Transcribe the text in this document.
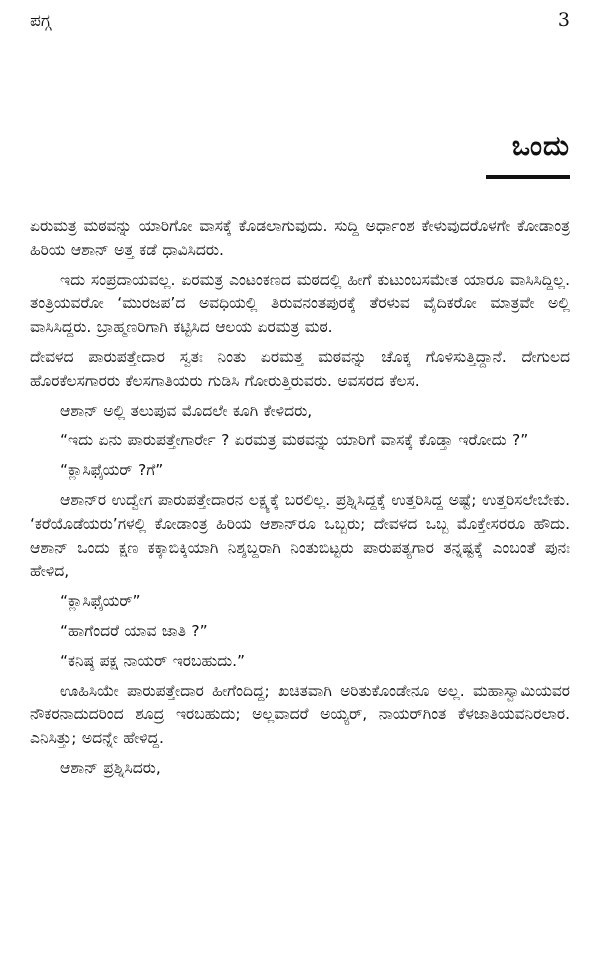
ಪಗ್ಗ	3
ಒಂದು

ಏರುಮತ್ರ ಮಠವನ್ನು ಯಾರಿಗೋ ವಾಸಕ್ಕೆ ಕೊಡಲಾಗುವುದು. ಸುದ್ದಿ ಅರ್ಧಾಂಶ ಕೇಳುವುದರೊಳಗೇ ಕೋಡಾಂತ್ರ ಹಿರಿಯ ಆಶಾನ್ ಅತ್ತ ಕಡೆ ಧಾವಿಸಿದರು.

ಇದು ಸಂಪ್ರದಾಯವಲ್ಲ. ಏರಮತ್ರ ಎಂಟಂಕಣದ ಮಠದಲ್ಲಿ ಹೀಗೆ ಕುಟುಂಬಸಮೇತ ಯಾರೂ ವಾಸಿಸಿದ್ದಿಲ್ಲ. ತಂತ್ರಿಯವರೋ ‘ಮುರಜಪ’ದ ಅವಧಿಯಲ್ಲಿ ತಿರುವನಂತಪುರಕ್ಕೆ ತೆರಳುವ ವೈದಿಕರೋ ಮಾತ್ರವೇ ಅಲ್ಲಿ ವಾಸಿಸಿದ್ದರು. ಬ್ರಾಹ್ಮಣರಿಗಾಗಿ ಕಟ್ಟಿಸಿದ ಆಲಯ ಏರಮತ್ರ ಮಠ.

ದೇವಳದ ಪಾರುಪತ್ತೇದಾರ ಸ್ವತಃ ನಿಂತು ಏರಮತ್ತ ಮಠವನ್ನು ಚೊಕ್ಕ ಗೊಳಿಸುತ್ತಿದ್ದಾನೆ. ದೇಗುಲದ ಹೊರಕೆಲಸಗಾರರು ಕೆಲಸಗಾತಿಯರು ಗುಡಿಸಿ ಗೋರುತ್ತಿರುವರು. ಅವಸರದ ಕೆಲಸ.

ಆಶಾನ್ ಅಲ್ಲಿ ತಲುಪುವ ಮೊದಲೇ ಕೂಗಿ ಕೇಳಿದರು,

“ಇದು ಏನು ಪಾರುಪತ್ತೇಗಾರ್ರೇ ? ಏರಮತ್ರ ಮಠವನ್ನು ಯಾರಿಗೆ ವಾಸಕ್ಕೆ ಕೊಡ್ತಾ ಇರೋದು ?”

“ಕ್ಲಾಸಿಫೈಯರ್ ?ಗೆ”

ಆಶಾನ್‌ರ ಉದ್ವೇಗ ಪಾರುಪತ್ತೇದಾರನ ಲಕ್ಷ್ಯಕ್ಕೆ ಬರಲಿಲ್ಲ. ಪ್ರಶ್ನಿಸಿದ್ದಕ್ಕೆ ಉತ್ತರಿಸಿದ್ದ ಅಷ್ಟೆ; ಉತ್ತರಿಸಲೇಬೇಕು. ‘ಕರೆಯೊಡೆಯರು’ಗಳಲ್ಲಿ ಕೋಡಾಂತ್ರ ಹಿರಿಯ ಆಶಾನ್‌ರೂ ಒಬ್ಬರು; ದೇವಳದ ಒಬ್ಬ ಮೊಕ್ತೇಸರರೂ ಹೌದು. ಆಶಾನ್ ಒಂದು ಕ್ಷಣ ಕಕ್ಕಾಬಿಕ್ಕಿಯಾಗಿ ನಿಶ್ಶಬ್ದರಾಗಿ ನಿಂತುಬಿಟ್ಟರು ಪಾರುಪತ್ಯಗಾರ ತನ್ನಷ್ಟಕ್ಕೆ ಎಂಬಂತೆ ಪುನಃ ಹೇಳಿದ,

“ಕ್ಲಾಸಿಫೈಯರ್”

“ಹಾಗೆಂದರೆ ಯಾವ ಜಾತಿ ?”

“ಕನಿಷ್ಠ ಪಕ್ಷ ನಾಯರ್ ಇರಬಹುದು.”

ಊಹಿಸಿಯೇ ಪಾರುಪತ್ತೇದಾರ ಹೀಗೆಂದಿದ್ದ; ಖಚಿತವಾಗಿ ಅರಿತುಕೊಂಡೇನೂ ಅಲ್ಲ. ಮಹಾಸ್ವಾಮಿಯವರ ನೌಕರನಾದುದರಿಂದ ಶೂದ್ರ ಇರಬಹುದು; ಅಲ್ಲವಾದರೆ ಅಯ್ಯರ್, ನಾಯರ್‌ಗಿಂತ ಕೆಳಜಾತಿಯವನಿರಲಾರ. ಎನಿಸಿತ್ತು; ಅದನ್ನೇ ಹೇಳಿದ್ದ.

ಆಶಾನ್ ಪ್ರಶ್ನಿಸಿದರು,
